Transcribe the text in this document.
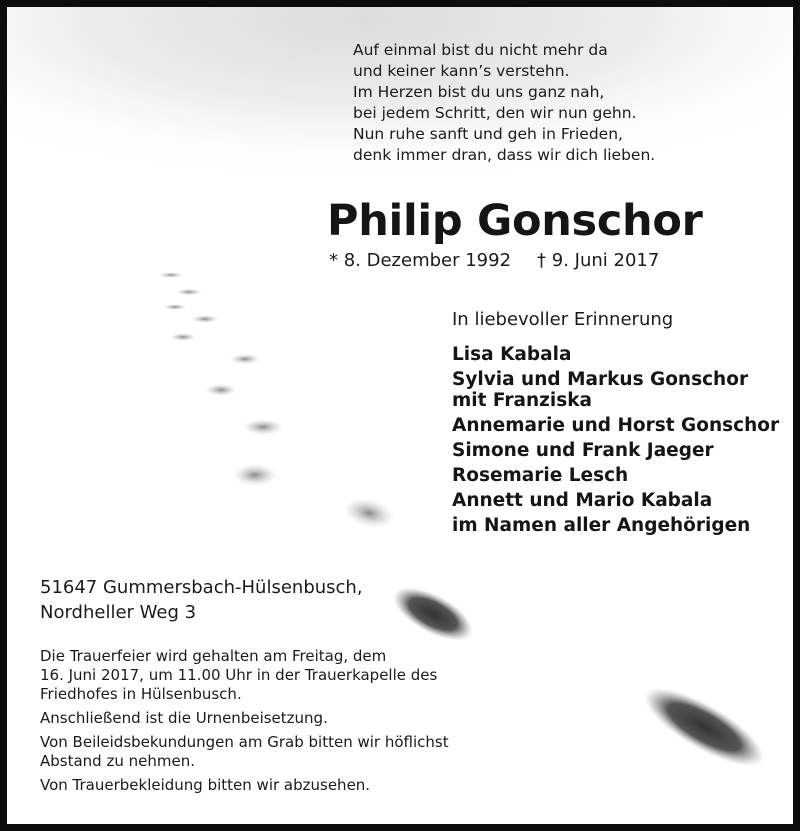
Auf einmal bist du nicht mehr da
und keiner kann’s verstehn.
Im Herzen bist du uns ganz nah,
bei jedem Schritt, den wir nun gehn.
Nun ruhe sanft und geh in Frieden,
denk immer dran, dass wir dich lieben.
Philip Gonschor
* 8. Dezember 1992 † 9. Juni 2017
In liebevoller Erinnerung
Lisa Kabala
Sylvia und Markus Gonschor
mit Franziska
Annemarie und Horst Gonschor
Simone und Frank Jaeger
Rosemarie Lesch
Annett und Mario Kabala
im Namen aller Angehörigen
51647 Gummersbach-Hülsenbusch,
Nordheller Weg 3

Die Trauerfeier wird gehalten am Freitag, dem
16. Juni 2017, um 11.00 Uhr in der Trauerkapelle des
Friedhofes in Hülsenbusch.

Anschließend ist die Urnenbeisetzung.

Von Beileidsbekundungen am Grab bitten wir höflichst
Abstand zu nehmen.

Von Trauerbekleidung bitten wir abzusehen.
